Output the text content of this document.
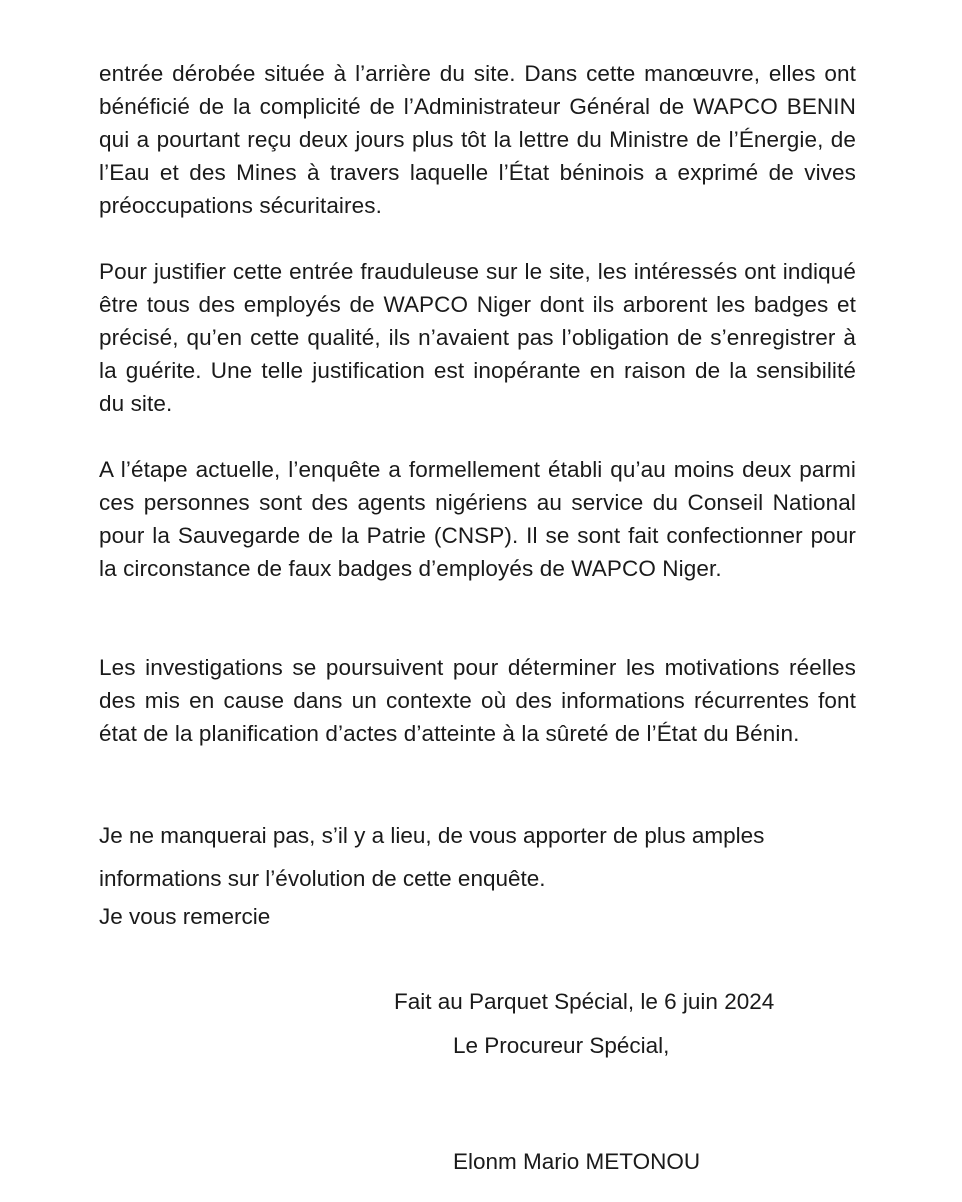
entrée dérobée située à l’arrière du site. Dans cette manœuvre, elles ont bénéficié de la complicité de l’Administrateur Général de WAPCO BENIN qui a pourtant reçu deux jours plus tôt la lettre du Ministre de l’Énergie, de l’Eau et des Mines à travers laquelle l’État béninois a exprimé de vives préoccupations sécuritaires.

Pour justifier cette entrée frauduleuse sur le site, les intéressés ont indiqué être tous des employés de WAPCO Niger dont ils arborent les badges et précisé, qu’en cette qualité, ils n’avaient pas l’obligation de s’enregistrer à la guérite. Une telle justification est inopérante en raison de la sensibilité du site.

A l’étape actuelle, l’enquête a formellement établi qu’au moins deux parmi ces personnes sont des agents nigériens au service du Conseil National pour la Sauvegarde de la Patrie (CNSP). Il se sont fait confectionner pour la circonstance de faux badges d’employés de WAPCO Niger.

Les investigations se poursuivent pour déterminer les motivations réelles des mis en cause dans un contexte où des informations récurrentes font état de la planification d’actes d’atteinte à la sûreté de l’État du Bénin.

Je ne manquerai pas, s’il y a lieu, de vous apporter de plus amples informations sur l’évolution de cette enquête.
Je vous remercie
Fait au Parquet Spécial, le 6 juin 2024
Le Procureur Spécial,
Elonm Mario METONOU
